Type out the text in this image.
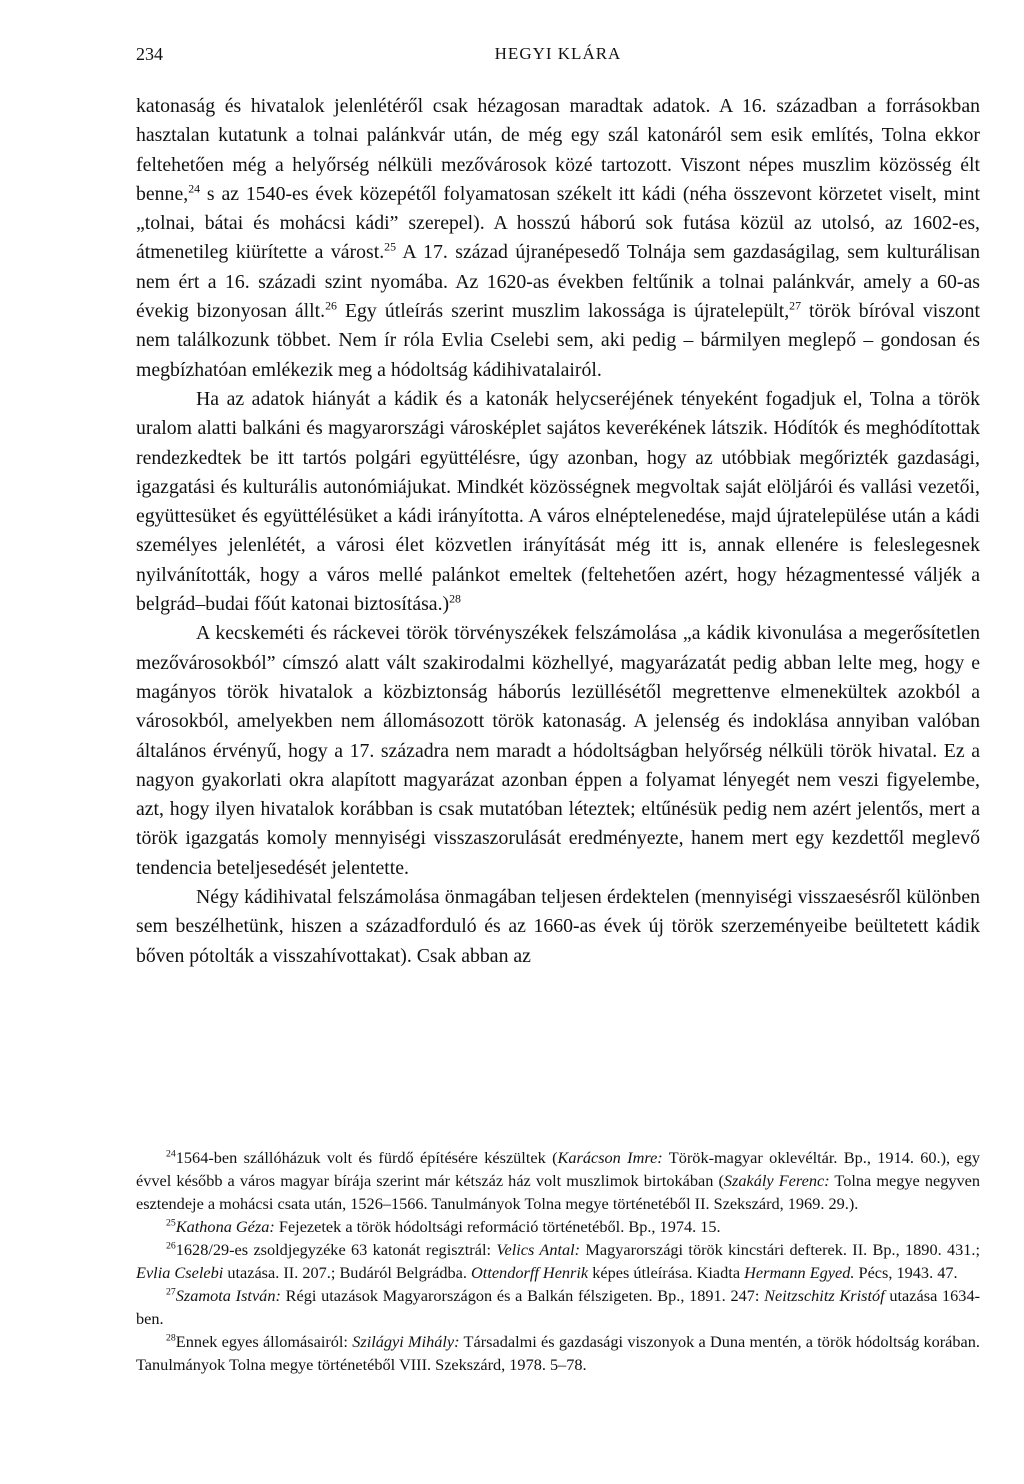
234	HEGYI KLÁRA

katonaság és hivatalok jelenlétéről csak hézagosan maradtak adatok. A 16. században a forrásokban hasztalan kutatunk a tolnai palánkvár után, de még egy szál katonáról sem esik említés, Tolna ekkor feltehetően még a helyőrség nélküli mezővárosok közé tartozott. Viszont népes muszlim közösség élt benne,$^{24}$ s az 1540-es évek közepétől folyamatosan székelt itt kádi (néha összevont körzetet viselt, mint „tolnai, bátai és mohácsi kádi” szerepel). A hosszú háború sok futása közül az utolsó, az 1602-es, átmenetileg kiürítette a várost.$^{25}$ A 17. század újranépesedő Tolnája sem gazdaságilag, sem kulturálisan nem ért a 16. századi szint nyomába. Az 1620-as években feltűnik a tolnai palánkvár, amely a 60-as évekig bizonyosan állt.$^{26}$ Egy útleírás szerint muszlim lakossága is újratelepült,$^{27}$ török bíróval viszont nem találkozunk többet. Nem ír róla Evlia Cselebi sem, aki pedig – bármilyen meglepő – gondosan és megbízhatóan emlékezik meg a hódoltság kádihivatalairól.

Ha az adatok hiányát a kádik és a katonák helycseréjének tényeként fogadjuk el, Tolna a török uralom alatti balkáni és magyarországi városképlet sajátos keverékének látszik. Hódítók és meghódítottak rendezkedtek be itt tartós polgári együttélésre, úgy azonban, hogy az utóbbiak megőrizték gazdasági, igazgatási és kulturális autonómiájukat. Mindkét közösségnek megvoltak saját elöljárói és vallási vezetői, együttesüket és együttélésüket a kádi irányította. A város elnéptelenedése, majd újratelepülése után a kádi személyes jelenlétét, a városi élet közvetlen irányítását még itt is, annak ellenére is feleslegesnek nyilvánították, hogy a város mellé palánkot emeltek (feltehetően azért, hogy hézagmentessé váljék a belgrád–budai főút katonai biztosítása.)$^{28}$

A kecskeméti és ráckevei török törvényszékek felszámolása „a kádik kivonulása a megerősítetlen mezővárosokból” címszó alatt vált szakirodalmi közhellyé, magyarázatát pedig abban lelte meg, hogy e magányos török hivatalok a közbiztonság háborús lezüllésétől megrettenve elmenekültek azokból a városokból, amelyekben nem állomásozott török katonaság. A jelenség és indoklása annyiban valóban általános érvényű, hogy a 17. századra nem maradt a hódoltságban helyőrség nélküli török hivatal. Ez a nagyon gyakorlati okra alapított magyarázat azonban éppen a folyamat lényegét nem veszi figyelembe, azt, hogy ilyen hivatalok korábban is csak mutatóban léteztek; eltűnésük pedig nem azért jelentős, mert a török igazgatás komoly mennyiségi visszaszorulását eredményezte, hanem mert egy kezdettől meglevő tendencia beteljesedését jelentette.

Négy kádihivatal felszámolása önmagában teljesen érdektelen (mennyiségi visszaesésről különben sem beszélhetünk, hiszen a századforduló és az 1660-as évek új török szerzeményeibe beültetett kádik bőven pótolták a visszahívottakat). Csak abban az

$^{24}$1564-ben szállóházuk volt és fürdő építésére készültek (Karácson Imre: Török-magyar oklevéltár. Bp., 1914. 60.), egy évvel később a város magyar bírája szerint már kétszáz ház volt muszlimok birtokában (Szakály Ferenc: Tolna megye negyven esztendeje a mohácsi csata után, 1526–1566. Tanulmányok Tolna megye történetéből II. Szekszárd, 1969. 29.).

$^{25}$Kathona Géza: Fejezetek a török hódoltsági reformáció történetéből. Bp., 1974. 15.

$^{26}$1628/29-es zsoldjegyzéke 63 katonát regisztrál: Velics Antal: Magyarországi török kincstári defterek. II. Bp., 1890. 431.; Evlia Cselebi utazása. II. 207.; Budáról Belgrádba. Ottendorff Henrik képes útleírása. Kiadta Hermann Egyed. Pécs, 1943. 47.

$^{27}$Szamota István: Régi utazások Magyarországon és a Balkán félszigeten. Bp., 1891. 247: Neitzschitz Kristóf utazása 1634-ben.

$^{28}$Ennek egyes állomásairól: Szilágyi Mihály: Társadalmi és gazdasági viszonyok a Duna mentén, a török hódoltság korában. Tanulmányok Tolna megye történetéből VIII. Szekszárd, 1978. 5–78.
